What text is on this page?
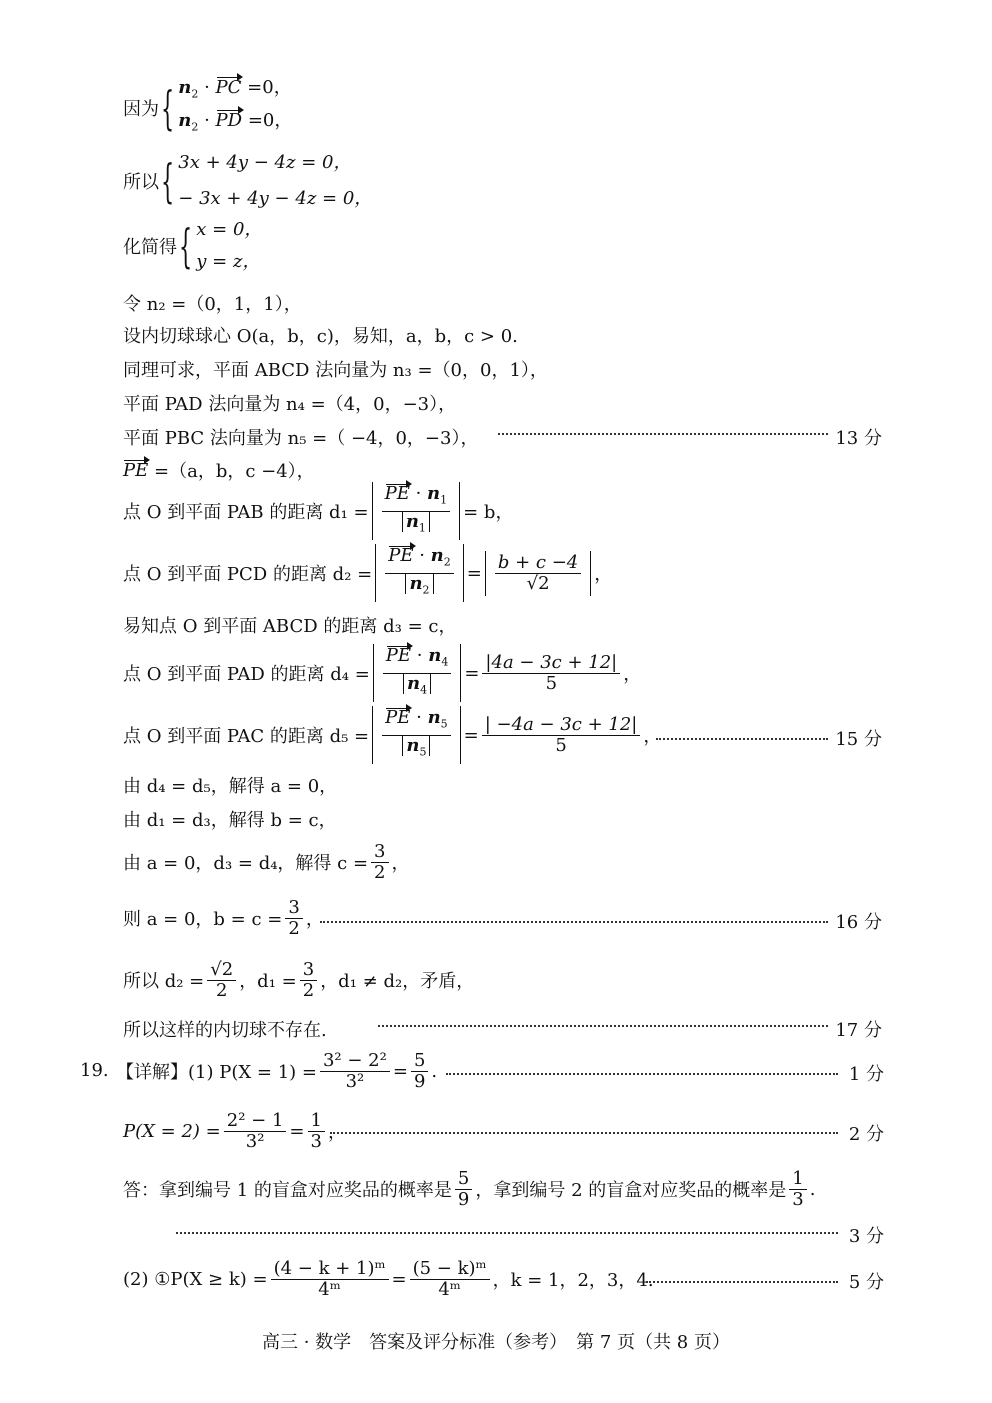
因为 { $n_2$ · PC =0，
$n_2$ · PD =0，
所以 { 3x + 4y − 4z = 0，
− 3x + 4y − 4z = 0，
化简得 { x = 0，
y = z，
令 n₂ =（0，1，1），
设内切球球心 O(a，b，c)，易知，a，b，c > 0.
同理可求，平面 ABCD 法向量为 n₃ =（0，0，1），
平面 PAD 法向量为 n₄ =（4，0，−3），
平面 PBC 法向量为 n₅ =（ −4，0，−3），	13 分
PE
=（a，b，c −4），
点 O 到平面 PAB 的距离 $d_1 = \frac{PE \cdot n_1}{n_1} = b$，
点 O 到平面 PCD 的距离 $d_2 = \frac{PE \cdot n_2}{n_2} = \frac{b + c -4}{√2}$ ，
易知点 O 到平面 ABCD 的距离 d₃ = c，
点 O 到平面 PAD 的距离 $d_4 = \frac{PE \cdot n_4}{n_4} = \frac{|4a - 3c + 12|}{5}$ ，
点 O 到平面 PAC 的距离 $d_5 = \frac{PE \cdot n_5}{n_5} = \frac{| -4a - 3c + 12|}{5}$ ，	15 分
由 d₄ = d₅，解得 a = 0，
由 d₁ = d₃，解得 b = c，
由 a = 0，d₃ = d₄，解得 $c = \frac{3}{2}$ ，
则 a = 0，$b = c = \frac{3}{2}$ ，	16 分
所以 $d_2 = \frac{√2}{2}$ ，$d_1 = \frac{3}{2}$ ，d₁ ≠ d₂，矛盾，
所以这样的内切球不存在.	17 分
19. 【详解】(1) $P(X = 1) = \frac{\text{3² − 2²}}{\text{3²}} = \frac{5}{9}$ .	1 分
$P(X = 2) = \frac{\text{2² − 1}}{\text{3²}} = \frac{1}{3}$ ，	2 分
答：拿到编号 1 的盲盒对应奖品的概率是 $\frac{5}{9}$ ，拿到编号 2 的盲盒对应奖品的概率是 $\frac{1}{3}$ .
3 分
(2) ①P(X ≥ $k) = \frac{\text{(4 − k + 1)ᵐ}}{\text{4ᵐ}} = \frac{\text{(5 − k)ᵐ}}{\text{4ᵐ}}$ ，k = 1，2，3，4.	5 分
高三 · 数学　答案及评分标准（参考）　第 7 页（共 8 页）
